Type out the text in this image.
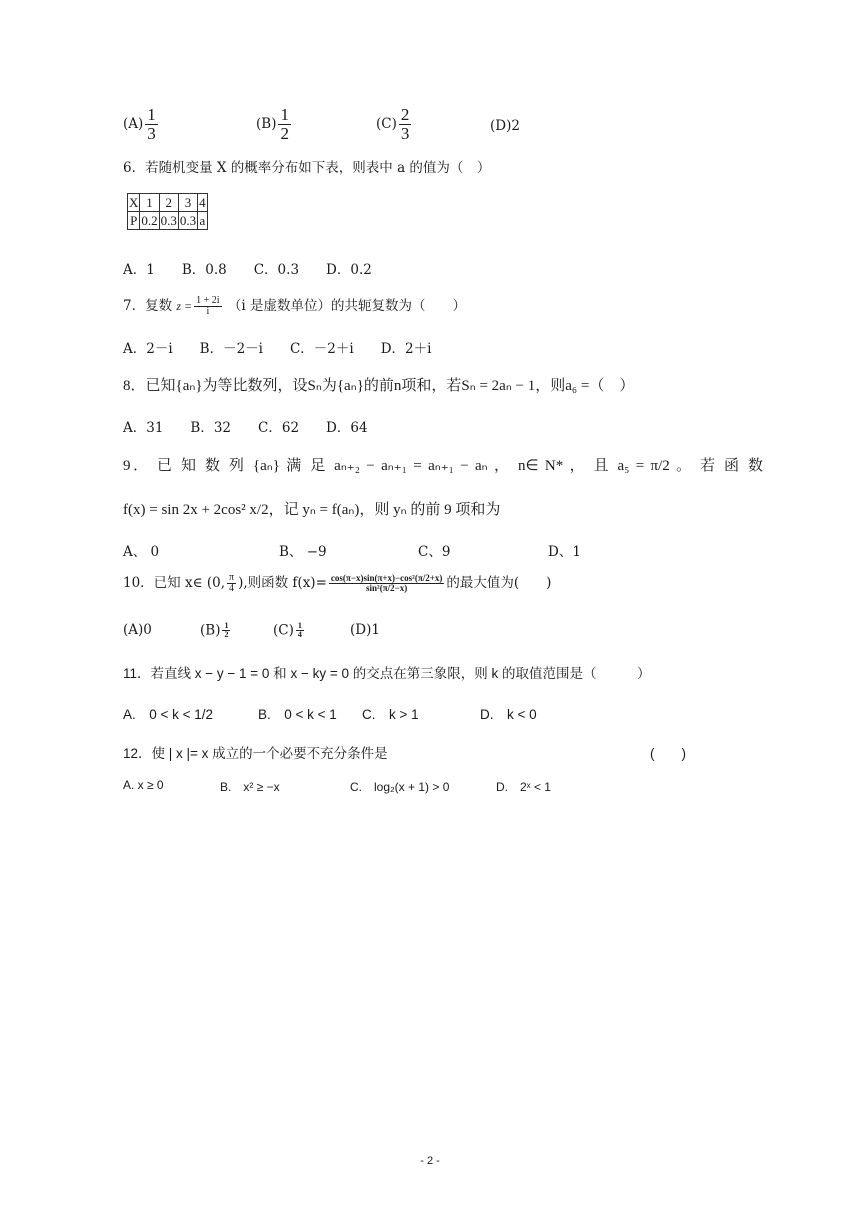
$(A) \frac{1}{3}$	$(B) \frac{1}{2}$	$(C) \frac{2}{3}$	(D)2
6．若随机变量 X 的概率分布如下表，则表中 a 的值为（　）
X	1	2	3	4
P	0.2	0.3	0.3	a
A．1　　B．0.8　　C．0.3　　D．0.2
7．复数 $z = \frac{1 + 2i}{i} (i$ 是虚数单位）的共轭复数为（　　）
A．2－i　　B．－2－i　　C．－2＋i　　D．2＋i
8．已知{aₙ}为等比数列，设Sₙ为{aₙ}的前n项和，若Sₙ = 2aₙ − 1，则a₆ =（　）
A．31　　B．32　　C．62　　D．64
9． 已 知 数 列 {aₙ} 满 足 aₙ₊₂ − aₙ₊₁ = aₙ₊₁ − aₙ ， n∈ N* ， 且 a₅ = π/2 。 若 函 数
f(x) = sin 2x + 2cos² x/2，记 yₙ = f(aₙ)，则 yₙ 的前 9 项和为
A、 0	B、 −9	C、9	D、1
10．已知 x∈ (0, $\frac{\pi}{4}$ ),则函数 $f(x)= \frac{\text{cos(π−x)sin(π+x)−cos²(π/2+x)}}{\text{sin²(π/2−x)}}$ 的最大值为(　　)
(A)0	$(B) \frac{1}{2}$	$(C) \frac{1}{4}$	(D)1
11．若直线 x − y − 1 = 0 和 x − ky = 0 的交点在第三象限，则 k 的取值范围是（　　　）
A.　0 < k < 1/2	B.　0 < k < 1 C.　k > 1	D.　k < 0
12．使 | x |= x 成立的一个必要不充分条件是	(　　)
A. x ≥ 0	B.　x² ≥ −x	C.　log₂(x + 1) > 0	D.　2ˣ < 1
- 2 -
